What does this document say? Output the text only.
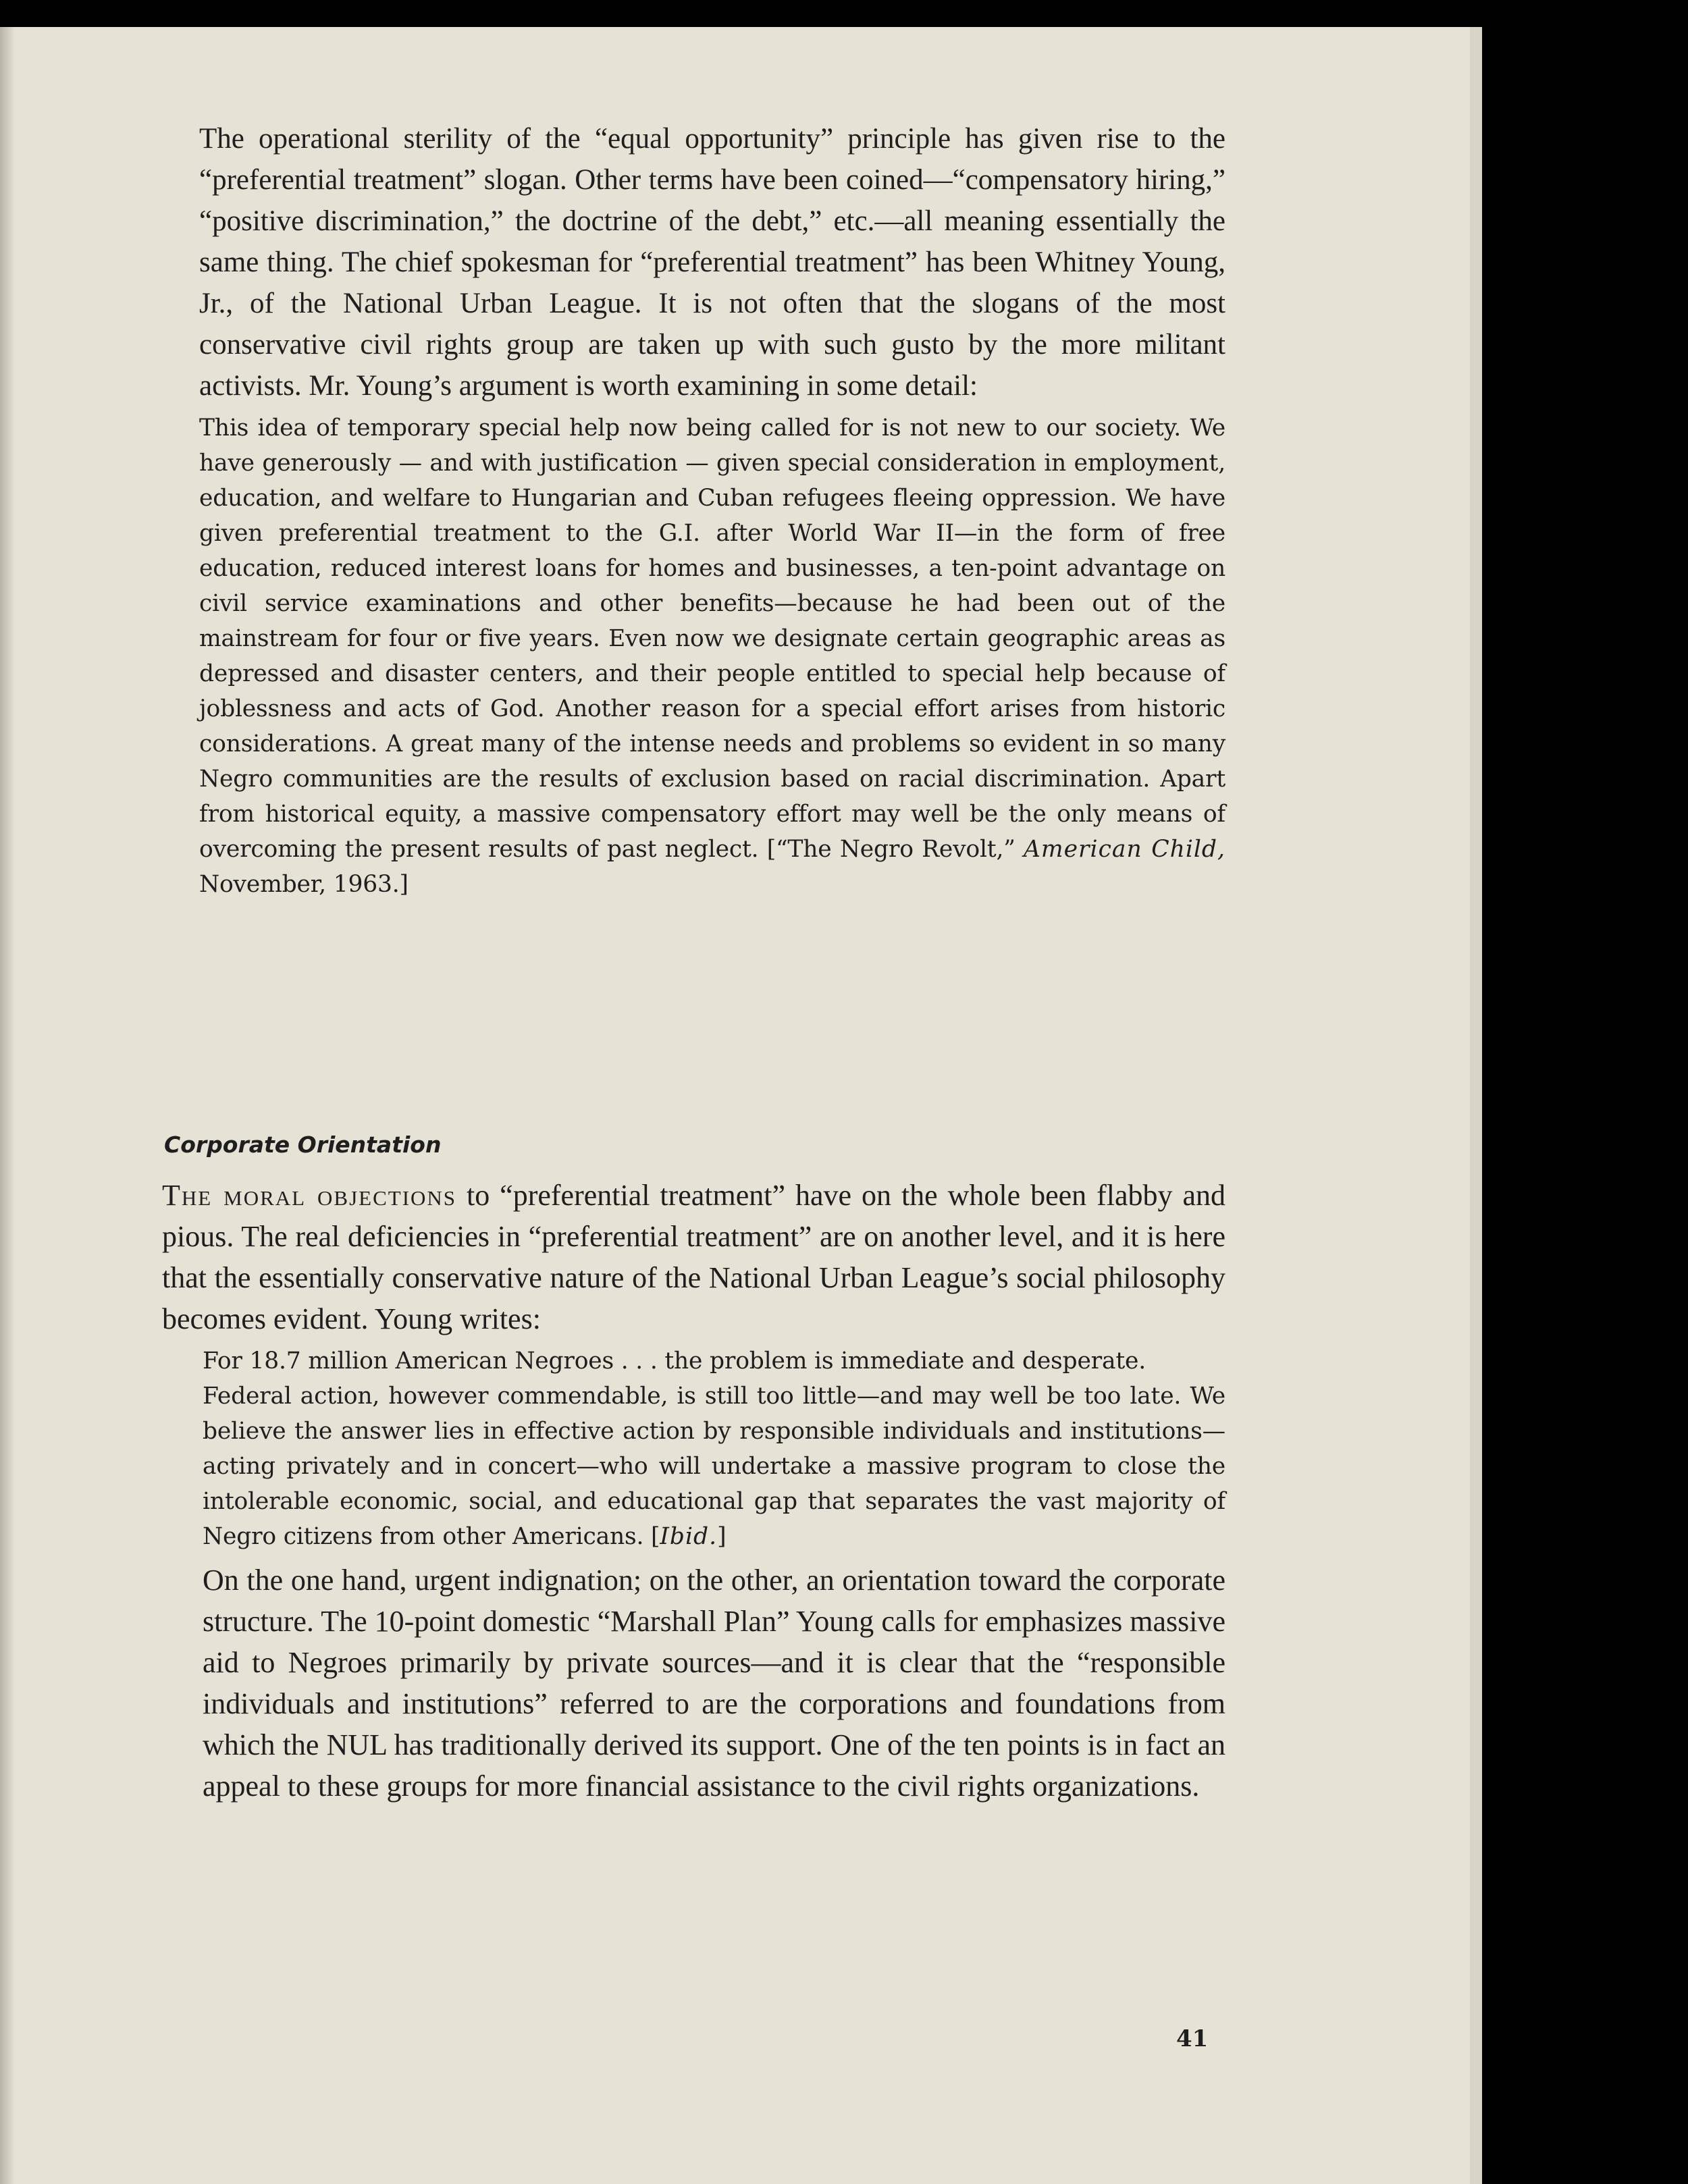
The operational sterility of the “equal opportunity” principle has given rise to the “preferential treatment” slogan. Other terms have been coined—“compensatory hiring,” “positive discrimination,” the doctrine of the debt,” etc.—all meaning essentially the same thing. The chief spokesman for “preferential treatment” has been Whitney Young, Jr., of the National Urban League. It is not often that the slogans of the most conservative civil rights group are taken up with such gusto by the more militant activists. Mr. Young’s argument is worth examining in some detail:

This idea of temporary special help now being called for is not new to our society. We have generously — and with justification — given special consideration in employment, education, and welfare to Hungarian and Cuban refugees fleeing oppression. We have given preferential treatment to the G.I. after World War II—in the form of free education, reduced interest loans for homes and businesses, a ten-point advantage on civil service examinations and other benefits—because he had been out of the mainstream for four or five years. Even now we designate certain geographic areas as depressed and disaster centers, and their people entitled to special help because of joblessness and acts of God. Another reason for a special effort arises from historic considerations. A great many of the intense needs and problems so evident in so many Negro communities are the results of exclusion based on racial discrimination. Apart from historical equity, a massive compensatory effort may well be the only means of overcoming the present results of past neglect. [“The Negro Revolt,” American Child, November, 1963.]

Corporate Orientation

The moral objections to “preferential treatment” have on the whole been flabby and pious. The real deficiencies in “preferential treatment” are on another level, and it is here that the essentially conservative nature of the National Urban League’s social philosophy becomes evident. Young writes:

For 18.7 million American Negroes . . . the problem is immediate and desperate.

Federal action, however commendable, is still too little—and may well be too late. We believe the answer lies in effective action by responsible individuals and institutions—acting privately and in concert—who will undertake a massive program to close the intolerable economic, social, and educational gap that separates the vast majority of Negro citizens from other Americans. [Ibid.]

On the one hand, urgent indignation; on the other, an orientation toward the corporate structure. The 10-point domestic “Marshall Plan” Young calls for emphasizes massive aid to Negroes primarily by private sources—and it is clear that the “responsible individuals and institutions” referred to are the corporations and foundations from which the NUL has traditionally derived its support. One of the ten points is in fact an appeal to these groups for more financial assistance to the civil rights organizations.

41
